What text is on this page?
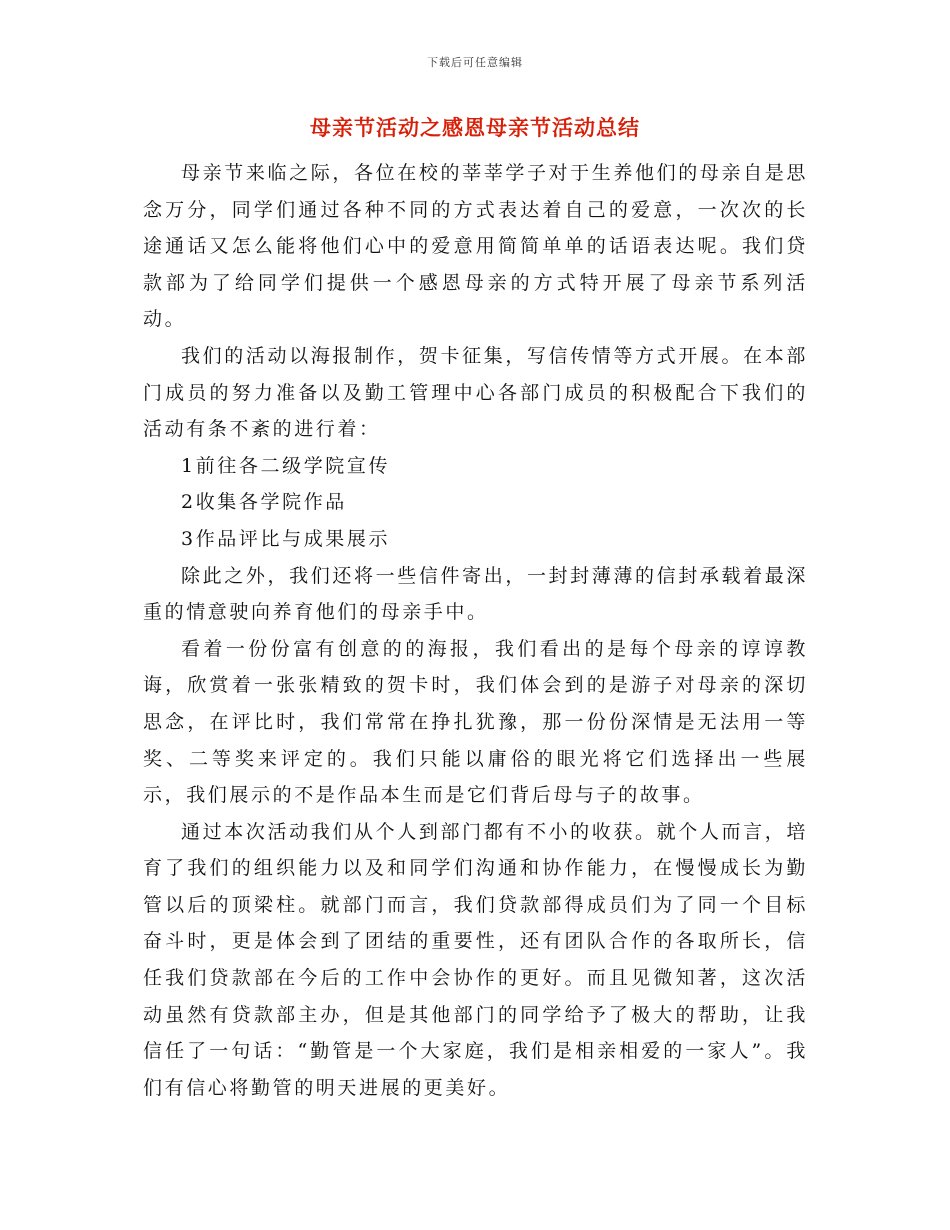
下载后可任意编辑
母亲节活动之感恩母亲节活动总结

母亲节来临之际，各位在校的莘莘学子对于生养他们的母亲自是思念万分，同学们通过各种不同的方式表达着自己的爱意，一次次的长途通话又怎么能将他们心中的爱意用简简单单的话语表达呢。我们贷款部为了给同学们提供一个感恩母亲的方式特开展了母亲节系列活动。

我们的活动以海报制作，贺卡征集，写信传情等方式开展。在本部门成员的努力准备以及勤工管理中心各部门成员的积极配合下我们的活动有条不紊的进行着：

1前往各二级学院宣传

2收集各学院作品

3作品评比与成果展示

除此之外，我们还将一些信件寄出，一封封薄薄的信封承载着最深重的情意驶向养育他们的母亲手中。

看着一份份富有创意的的海报，我们看出的是每个母亲的谆谆教诲，欣赏着一张张精致的贺卡时，我们体会到的是游子对母亲的深切思念，在评比时，我们常常在挣扎犹豫，那一份份深情是无法用一等奖、二等奖来评定的。我们只能以庸俗的眼光将它们选择出一些展示，我们展示的不是作品本生而是它们背后母与子的故事。

通过本次活动我们从个人到部门都有不小的收获。就个人而言，培育了我们的组织能力以及和同学们沟通和协作能力，在慢慢成长为勤管以后的顶梁柱。就部门而言，我们贷款部得成员们为了同一个目标奋斗时，更是体会到了团结的重要性，还有团队合作的各取所长，信任我们贷款部在今后的工作中会协作的更好。而且见微知著，这次活动虽然有贷款部主办，但是其他部门的同学给予了极大的帮助，让我信任了一句话：“勤管是一个大家庭，我们是相亲相爱的一家人”。我们有信心将勤管的明天进展的更美好。
